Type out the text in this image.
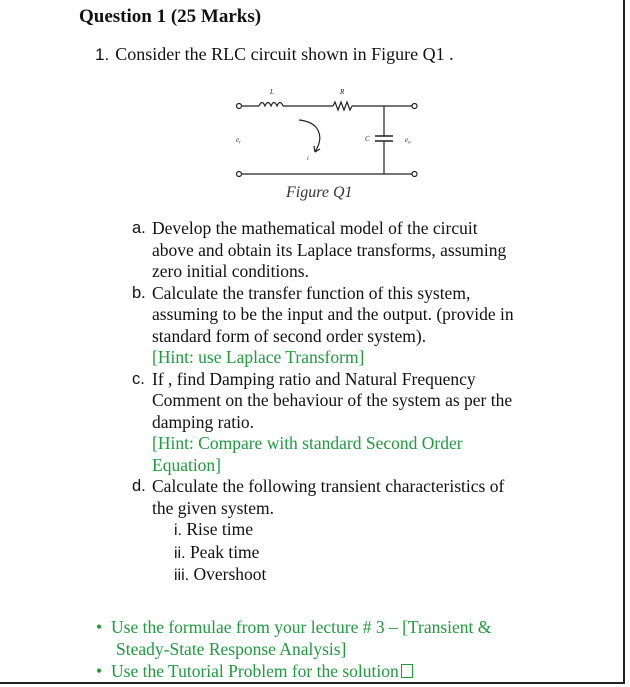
Question 1 (25 Marks)
1. Consider the RLC circuit shown in Figure Q1 .
L	R
C
$e_i$	$e_o$
i
Figure Q1
a. Develop the mathematical model of the circuit
above and obtain its Laplace transforms, assuming
zero initial conditions.
b. Calculate the transfer function of this system,
assuming to be the input and the output. (provide in
standard form of second order system).
[Hint: use Laplace Transform]
c. If , find Damping ratio and Natural Frequency
Comment on the behaviour of the system as per the
damping ratio.
[Hint: Compare with standard Second Order
Equation]
d. Calculate the following transient characteristics of
the given system.
i. Rise time
ii. Peak time
iii. Overshoot
• Use the formulae from your lecture # 3 – [Transient &
Steady-State Response Analysis]
• Use the Tutorial Problem for the solution
